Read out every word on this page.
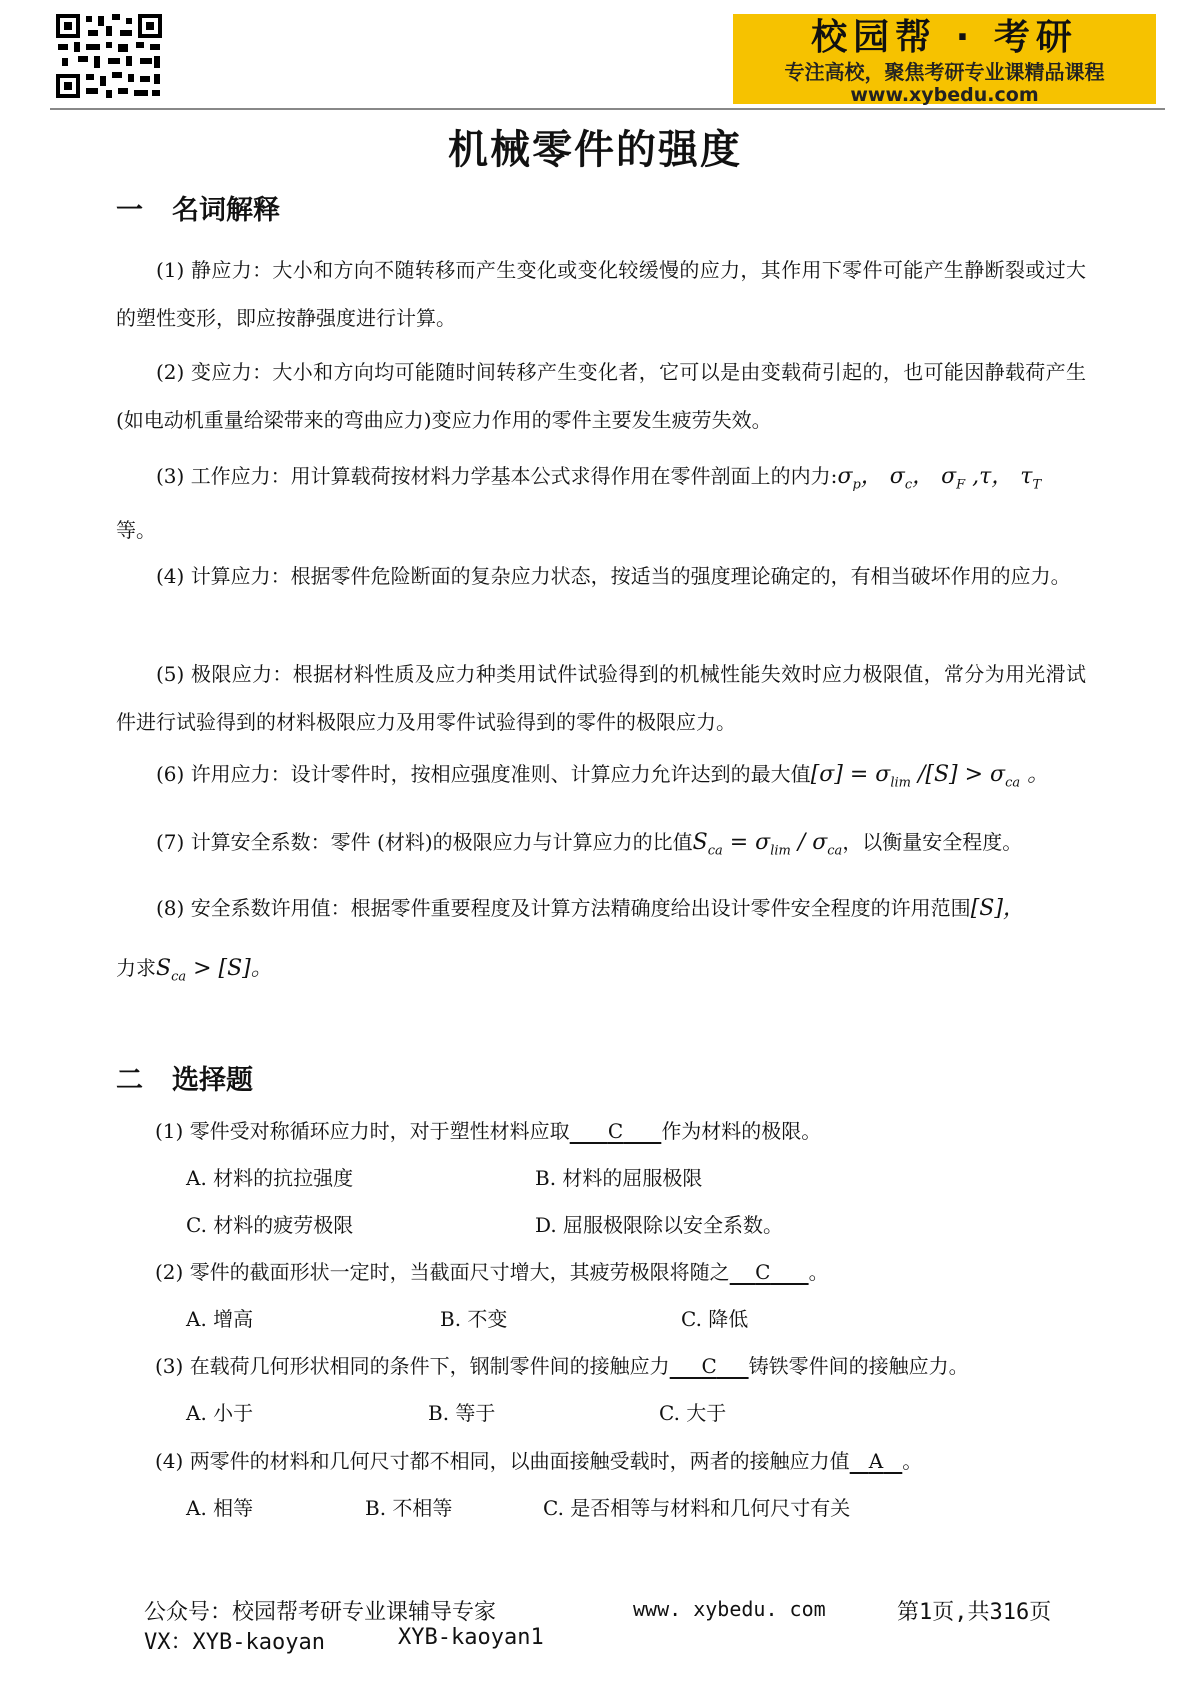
校园帮 · 考研
专注高校，聚焦考研专业课精品课程
www.xybedu.com
机械零件的强度
一 名词解释
(1) 静应力：大小和方向不随转移而产生变化或变化较缓慢的应力，其作用下零件可能产生静断裂或过大的塑性变形，即应按静强度进行计算。
(2) 变应力：大小和方向均可能随时间转移产生变化者，它可以是由变载荷引起的，也可能因静载荷产生(如电动机重量给梁带来的弯曲应力)变应力作用的零件主要发生疲劳失效。
(3) 工作应力：用计算载荷按材料力学基本公式求得作用在零件剖面上的内力$:\sigma_p$， $\sigma_c$， $\sigma_F$ ,τ， $\tau_T$
等。
(4) 计算应力：根据零件危险断面的复杂应力状态，按适当的强度理论确定的，有相当破坏作用的应力。
(5) 极限应力：根据材料性质及应力种类用试件试验得到的机械性能失效时应力极限值，常分为用光滑试件进行试验得到的材料极限应力及用零件试验得到的零件的极限应力。
(6) 许用应力：设计零件时，按相应强度准则、计算应力允许达到的最大值$[\sigma] = \sigma_{lim}$ $/[S] > \sigma_{ca}$ 。
(7) 计算安全系数：零件 (材料)的极限应力与计算应力的比值$S_{ca} = \sigma_{lim} / \sigma_{ca}$，以衡量安全程度。
(8) 安全系数许用值：根据零件重要程度及计算方法精确度给出设计零件安全程度的许用范围[S]，
力求$S_{ca} > [S]$。
二 选择题
(1) 零件受对称循环应力时，对于塑性材料应取 C 作为材料的极限。
A. 材料的抗拉强度	B. 材料的屈服极限
C. 材料的疲劳极限	D. 屈服极限除以安全系数。
(2) 零件的截面形状一定时，当截面尺寸增大，其疲劳极限将随之 C 。
A. 增高	B. 不变	C. 降低
(3) 在载荷几何形状相同的条件下，钢制零件间的接触应力 C 铸铁零件间的接触应力。
A. 小于	B. 等于	C. 大于
(4) 两零件的材料和几何尺寸都不相同，以曲面接触受载时，两者的接触应力值 A 。
A. 相等	B. 不相等	C. 是否相等与材料和几何尺寸有关
公众号：校园帮考研专业课辅导专家	www. xybedu. com	第1页,共316页
VX：XYB-kaoyan	XYB-kaoyan1
